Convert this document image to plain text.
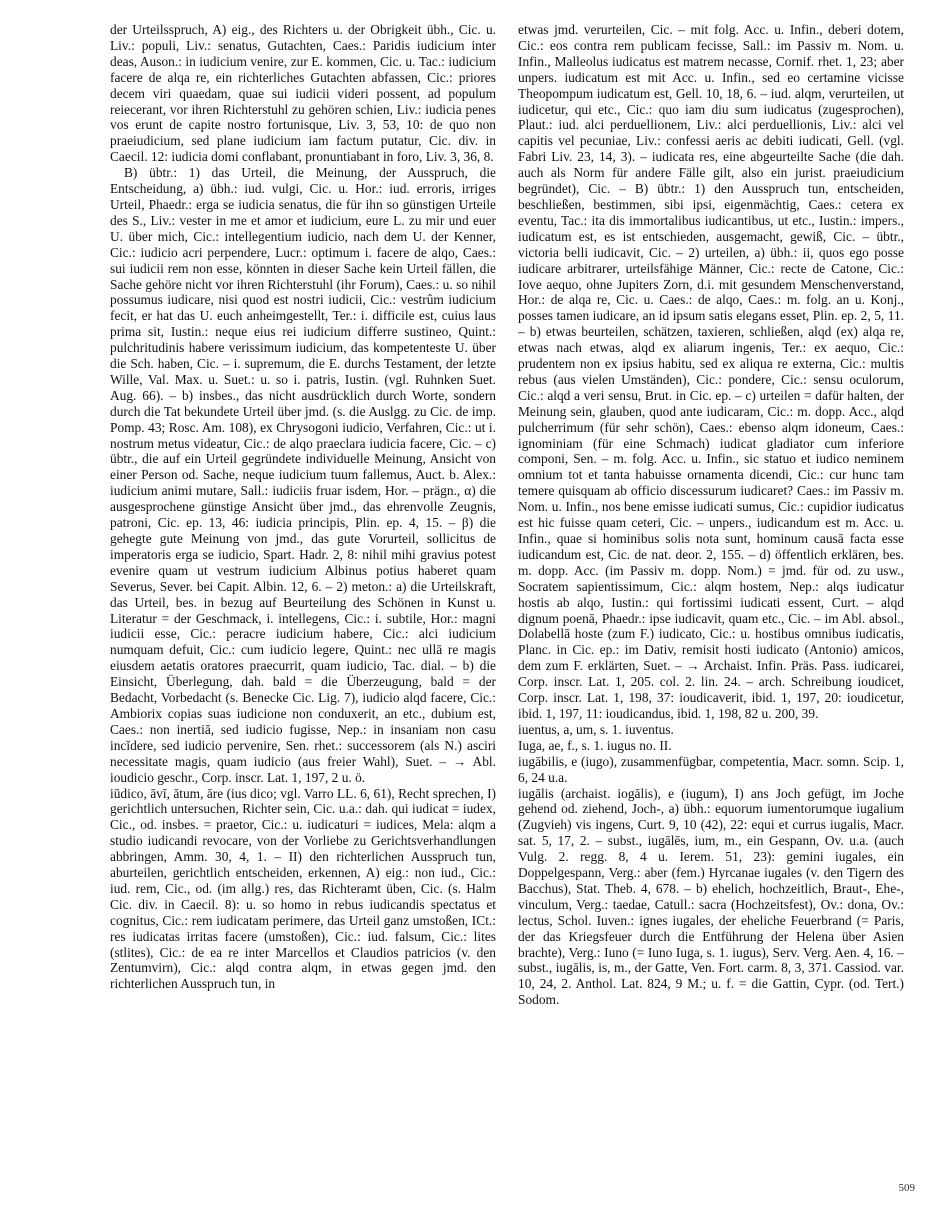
der Urteilsspruch, A) eig., des Richters u. der Obrigkeit übh., Cic. u. Liv.: populi, Liv.: senatus, Gutachten, Caes.: Paridis iudicium inter deas, Auson.: in iudicium venire, zur E. kommen, Cic. u. Tac.: iudicium facere de alqa re, ein richterliches Gutachten abfassen, Cic.: priores decem viri quaedam, quae sui iudicii videri possent, ad populum reiecerant, vor ihren Richterstuhl zu gehören schien, Liv.: iudicia penes vos erunt de capite nostro fortunisque, Liv. 3, 53, 10: de quo non praeiudicium, sed plane iudicium iam factum putatur, Cic. div. in Caecil. 12: iudicia domi conflabant, pronuntiabant in foro, Liv. 3, 36, 8.

B) übtr.: 1) das Urteil, die Meinung, der Ausspruch, die Entscheidung, a) übh.: iud. vulgi, Cic. u. Hor.: iud. erroris, irriges Urteil, Phaedr.: erga se iudicia senatus, die für ihn so günstigen Urteile des S., Liv.: vester in me et amor et iudicium, eure L. zu mir und euer U. über mich, Cic.: intellegentium iudicio, nach dem U. der Kenner, Cic.: iudicio acri perpendere, Lucr.: optimum i. facere de alqo, Caes.: sui iudicii rem non esse, könnten in dieser Sache kein Urteil fällen, die Sache gehöre nicht vor ihren Richterstuhl (ihr Forum), Caes.: u. so nihil possumus iudicare, nisi quod est nostri iudicii, Cic.: vestrûm iudicium fecit, er hat das U. euch anheimgestellt, Ter.: i. difficile est, cuius laus prima sit, Iustin.: neque eius rei iudicium differre sustineo, Quint.: pulchritudinis habere verissimum iudicium, das kompetenteste U. über die Sch. haben, Cic. – i. supremum, die E. durchs Testament, der letzte Wille, Val. Max. u. Suet.: u. so i. patris, Iustin. (vgl. Ruhnken Suet. Aug. 66). – b) insbes., das nicht ausdrücklich durch Worte, sondern durch die Tat bekundete Urteil über jmd. (s. die Auslgg. zu Cic. de imp. Pomp. 43; Rosc. Am. 108), ex Chrysogoni iudicio, Verfahren, Cic.: ut i. nostrum metus videatur, Cic.: de alqo praeclara iudicia facere, Cic. – c) übtr., die auf ein Urteil gegründete individuelle Meinung, Ansicht von einer Person od. Sache, neque iudicium tuum fallemus, Auct. b. Alex.: iudicium animi mutare, Sall.: iudiciis fruar isdem, Hor. – prägn., α) die ausgesprochene günstige Ansicht über jmd., das ehrenvolle Zeugnis, patroni, Cic. ep. 13, 46: iudicia principis, Plin. ep. 4, 15. – β) die gehegte gute Meinung von jmd., das gute Vorurteil, sollicitus de imperatoris erga se iudicio, Spart. Hadr. 2, 8: nihil mihi gravius potest evenire quam ut vestrum iudicium Albinus potius haberet quam Severus, Sever. bei Capit. Albin. 12, 6. – 2) meton.: a) die Urteilskraft, das Urteil, bes. in bezug auf Beurteilung des Schönen in Kunst u. Literatur = der Geschmack, i. intellegens, Cic.: i. subtile, Hor.: magni iudicii esse, Cic.: peracre iudicium habere, Cic.: alci iudicium numquam defuit, Cic.: cum iudicio legere, Quint.: nec ullā re magis eiusdem aetatis oratores praecurrit, quam iudicio, Tac. dial. – b) die Einsicht, Überlegung, dah. bald = die Überzeugung, bald = der Bedacht, Vorbedacht (s. Benecke Cic. Lig. 7), iudicio alqd facere, Cic.: Ambiorix copias suas iudicione non conduxerit, an etc., dubium est, Caes.: non inertiā, sed iudicio fugisse, Nep.: in insaniam non casu incĭdere, sed iudicio pervenire, Sen. rhet.: successorem (als N.) asciri necessitate magis, quam iudicio (aus freier Wahl), Suet. – → Abl. ioudicio geschr., Corp. inscr. Lat. 1, 197, 2 u. ö.

iūdico, āvī, ātum, āre (ius dico; vgl. Varro LL. 6, 61), Recht sprechen, I) gerichtlich untersuchen, Richter sein, Cic. u.a.: dah. qui iudicat = iudex, Cic., od. insbes. = praetor, Cic.: u. iudicaturi = iudices, Mela: alqm a studio iudicandi revocare, von der Vorliebe zu Gerichtsverhandlungen abbringen, Amm. 30, 4, 1. – II) den richterlichen Ausspruch tun, aburteilen, gerichtlich entscheiden, erkennen, A) eig.: non iud., Cic.: iud. rem, Cic., od. (im allg.) res, das Richteramt üben, Cic. (s. Halm Cic. div. in Caecil. 8): u. so homo in rebus iudicandis spectatus et cognitus, Cic.: rem iudicatam perimere, das Urteil ganz umstoßen, ICt.: res iudicatas irritas facere (umstoßen), Cic.: iud. falsum, Cic.: lites (stlites), Cic.: de ea re inter Marcellos et Claudios patricios (v. den Zentumvirn), Cic.: alqd contra alqm, in etwas gegen jmd. den richterlichen Ausspruch tun, in

etwas jmd. verurteilen, Cic. – mit folg. Acc. u. Infin., deberi dotem, Cic.: eos contra rem publicam fecisse, Sall.: im Passiv m. Nom. u. Infin., Malleolus iudicatus est matrem necasse, Cornif. rhet. 1, 23; aber unpers. iudicatum est mit Acc. u. Infin., sed eo certamine vicisse Theopompum iudicatum est, Gell. 10, 18, 6. – iud. alqm, verurteilen, ut iudicetur, qui etc., Cic.: quo iam diu sum iudicatus (zugesprochen), Plaut.: iud. alci perduellionem, Liv.: alci perduellionis, Liv.: alci vel capitis vel pecuniae, Liv.: confessi aeris ac debiti iudicati, Gell. (vgl. Fabri Liv. 23, 14, 3). – iudicata res, eine abgeurteilte Sache (die dah. auch als Norm für andere Fälle gilt, also ein jurist. praeiudicium begründet), Cic. – B) übtr.: 1) den Ausspruch tun, entscheiden, beschließen, bestimmen, sibi ipsi, eigenmächtig, Caes.: cetera ex eventu, Tac.: ita dis immortalibus iudicantibus, ut etc., Iustin.: impers., iudicatum est, es ist entschieden, ausgemacht, gewiß, Cic. – übtr., victoria belli iudicavit, Cic. – 2) urteilen, a) übh.: ii, quos ego posse iudicare arbitrarer, urteilsfähige Männer, Cic.: recte de Catone, Cic.: Iove aequo, ohne Jupiters Zorn, d.i. mit gesundem Menschenverstand, Hor.: de alqa re, Cic. u. Caes.: de alqo, Caes.: m. folg. an u. Konj., posses tamen iudicare, an id ipsum satis elegans esset, Plin. ep. 2, 5, 11. – b) etwas beurteilen, schätzen, taxieren, schließen, alqd (ex) alqa re, etwas nach etwas, alqd ex aliarum ingenis, Ter.: ex aequo, Cic.: prudentem non ex ipsius habitu, sed ex aliqua re externa, Cic.: multis rebus (aus vielen Umständen), Cic.: pondere, Cic.: sensu oculorum, Cic.: alqd a veri sensu, Brut. in Cic. ep. – c) urteilen = dafür halten, der Meinung sein, glauben, quod ante iudicaram, Cic.: m. dopp. Acc., alqd pulcherrimum (für sehr schön), Caes.: ebenso alqm idoneum, Caes.: ignominiam (für eine Schmach) iudicat gladiator cum inferiore componi, Sen. – m. folg. Acc. u. Infin., sic statuo et iudico neminem omnium tot et tanta habuisse ornamenta dicendi, Cic.: cur hunc tam temere quisquam ab officio discessurum iudicaret? Caes.: im Passiv m. Nom. u. Infin., nos bene emisse iudicati sumus, Cic.: cupidior iudicatus est hic fuisse quam ceteri, Cic. – unpers., iudicandum est m. Acc. u. Infin., quae si hominibus solis nota sunt, hominum causā facta esse iudicandum est, Cic. de nat. deor. 2, 155. – d) öffentlich erklären, bes. m. dopp. Acc. (im Passiv m. dopp. Nom.) = jmd. für od. zu usw., Socratem sapientissimum, Cic.: alqm hostem, Nep.: alqs iudicatur hostis ab alqo, Iustin.: qui fortissimi iudicati essent, Curt. – alqd dignum poenā, Phaedr.: ipse iudicavit, quam etc., Cic. – im Abl. absol., Dolabellā hoste (zum F.) iudicato, Cic.: u. hostibus omnibus iudicatis, Planc. in Cic. ep.: im Dativ, remisit hosti iudicato (Antonio) amicos, dem zum F. erklärten, Suet. – → Archaist. Infin. Präs. Pass. iudicarei, Corp. inscr. Lat. 1, 205. col. 2. lin. 24. – arch. Schreibung ioudicet, Corp. inscr. Lat. 1, 198, 37: ioudicaverit, ibid. 1, 197, 20: ioudicetur, ibid. 1, 197, 11: ioudicandus, ibid. 1, 198, 82 u. 200, 39.

iuentus, a, um, s. 1. iuventus.

Iuga, ae, f., s. 1. iugus no. II.

iugābilis, e (iugo), zusammenfügbar, competentia, Macr. somn. Scip. 1, 6, 24 u.a.

iugālis (archaist. iogālis), e (iugum), I) ans Joch gefügt, im Joche gehend od. ziehend, Joch-, a) übh.: equorum iumentorumque iugalium (Zugvieh) vis ingens, Curt. 9, 10 (42), 22: equi et currus iugalis, Macr. sat. 5, 17, 2. – subst., iugālēs, ium, m., ein Gespann, Ov. u.a. (auch Vulg. 2. regg. 8, 4 u. Ierem. 51, 23): gemini iugales, ein Doppelgespann, Verg.: aber (fem.) Hyrcanae iugales (v. den Tigern des Bacchus), Stat. Theb. 4, 678. – b) ehelich, hochzeitlich, Braut-, Ehe-, vinculum, Verg.: taedae, Catull.: sacra (Hochzeitsfest), Ov.: dona, Ov.: lectus, Schol. Iuven.: ignes iugales, der eheliche Feuerbrand (= Paris, der das Kriegsfeuer durch die Entführung der Helena über Asien brachte), Verg.: Iuno (= Iuno Iuga, s. 1. iugus), Serv. Verg. Aen. 4, 16. – subst., iugālis, is, m., der Gatte, Ven. Fort. carm. 8, 3, 371. Cassiod. var. 10, 24, 2. Anthol. Lat. 824, 9 M.; u. f. = die Gattin, Cypr. (od. Tert.) Sodom.

509
